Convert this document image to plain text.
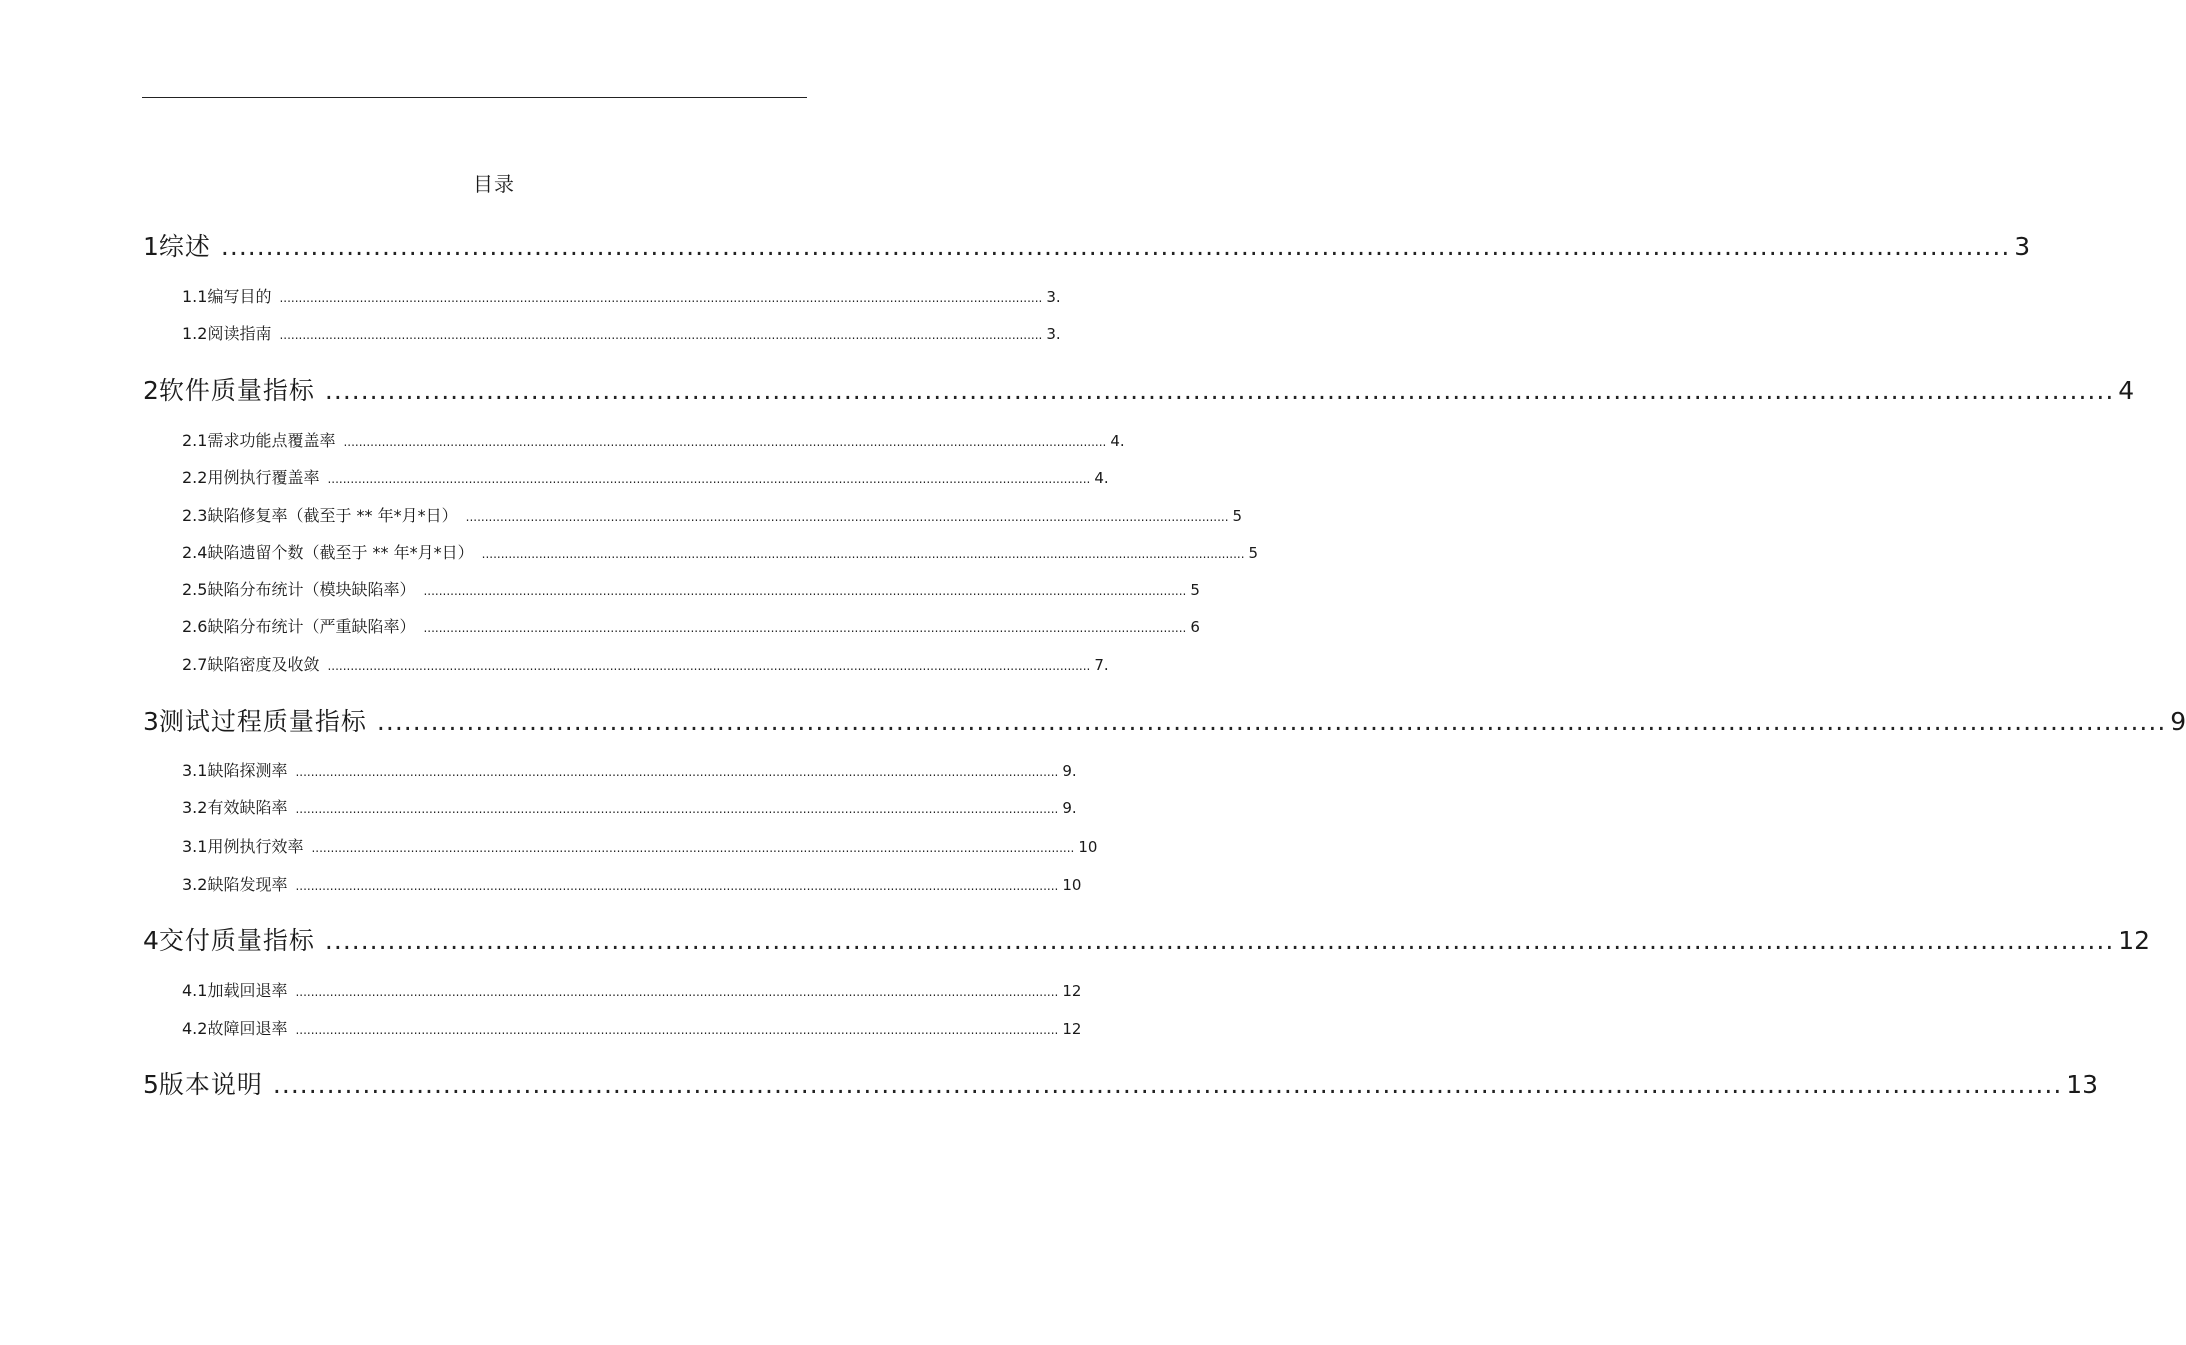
目录
1 综述 ........................................................................................................................................................................................................ 3
1.1 编写目的 ........................................................................................................................................................................................................ 3.
1.2 阅读指南 ........................................................................................................................................................................................................ 3.
2 软件质量指标 ........................................................................................................................................................................................................ 4
2.1 需求功能点覆盖率 ........................................................................................................................................................................................................ 4.
2.2 用例执行覆盖率 ........................................................................................................................................................................................................ 4.
2.3 缺陷修复率（截至于 ** 年*月*日） ........................................................................................................................................................................................................ 5
2.4 缺陷遗留个数（截至于 ** 年*月*日） ........................................................................................................................................................................................................ 5
2.5 缺陷分布统计（模块缺陷率） ........................................................................................................................................................................................................ 5
2.6 缺陷分布统计（严重缺陷率） ........................................................................................................................................................................................................ 6
2.7 缺陷密度及收敛 ........................................................................................................................................................................................................ 7.
3 测试过程质量指标 ........................................................................................................................................................................................................ 9
3.1 缺陷探测率 ........................................................................................................................................................................................................ 9.
3.2 有效缺陷率 ........................................................................................................................................................................................................ 9.
3.1 用例执行效率 ........................................................................................................................................................................................................ 10
3.2 缺陷发现率 ........................................................................................................................................................................................................ 10
4 交付质量指标 ........................................................................................................................................................................................................ 12
4.1 加载回退率 ........................................................................................................................................................................................................ 12
4.2 故障回退率 ........................................................................................................................................................................................................ 12
5 版本说明 ........................................................................................................................................................................................................ 13
